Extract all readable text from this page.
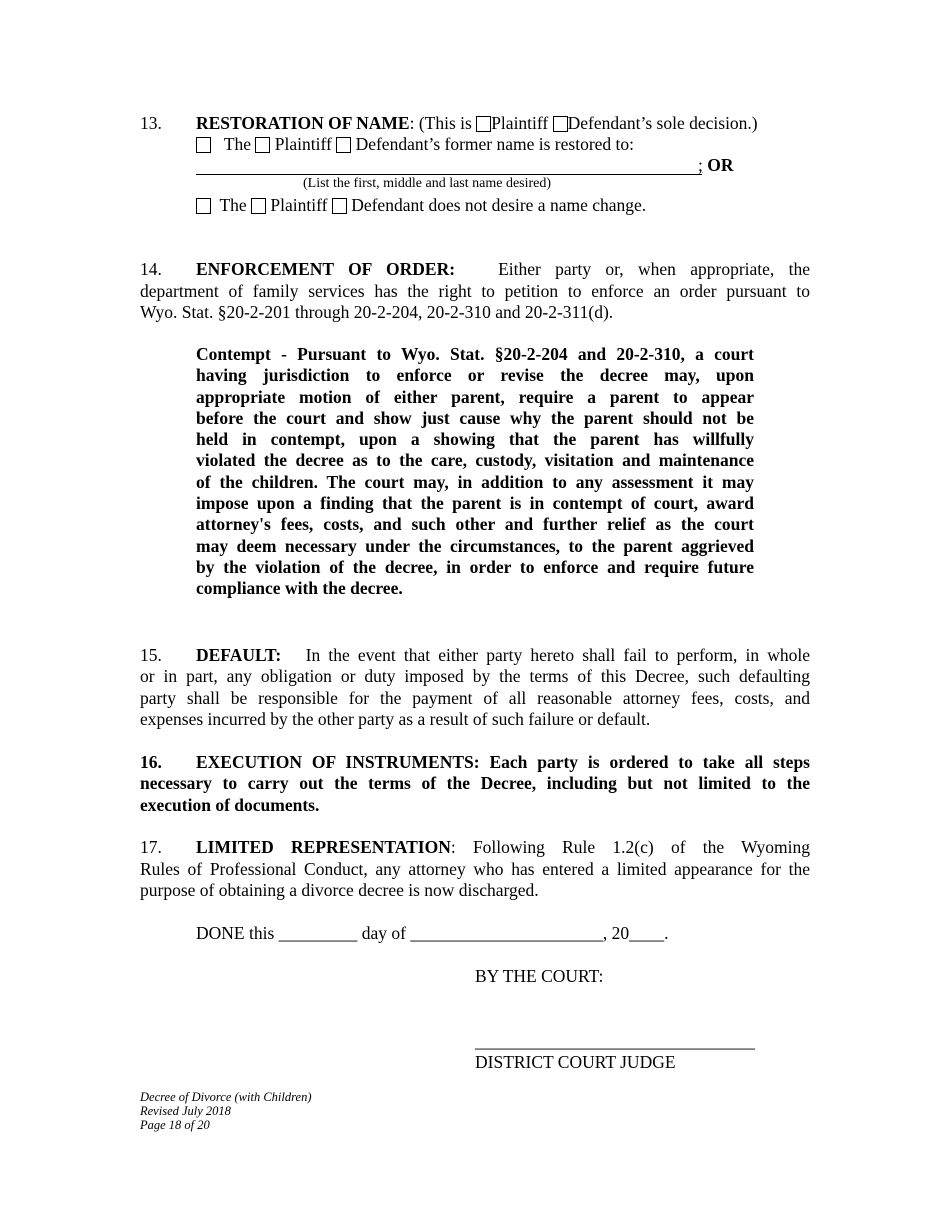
13. RESTORATION OF NAME: (This is Plaintiff Defendant’s sole decision.)
The Plaintiff Defendant’s former name is restored to:
; OR
(List the first, middle and last name desired)
The Plaintiff Defendant does not desire a name change.
14. ENFORCEMENT OF ORDER: Either party or, when appropriate, the
department of family services has the right to petition to enforce an order pursuant to
Wyo. Stat. §20-2-201 through 20-2-204, 20-2-310 and 20-2-311(d).
Contempt - Pursuant to Wyo. Stat. §20-2-204 and 20-2-310, a court
having jurisdiction to enforce or revise the decree may, upon
appropriate motion of either parent, require a parent to appear
before the court and show just cause why the parent should not be
held in contempt, upon a showing that the parent has willfully
violated the decree as to the care, custody, visitation and maintenance
of the children. The court may, in addition to any assessment it may
impose upon a finding that the parent is in contempt of court, award
attorney's fees, costs, and such other and further relief as the court
may deem necessary under the circumstances, to the parent aggrieved
by the violation of the decree, in order to enforce and require future
compliance with the decree.
15. DEFAULT: In the event that either party hereto shall fail to perform, in whole
or in part, any obligation or duty imposed by the terms of this Decree, such defaulting
party shall be responsible for the payment of all reasonable attorney fees, costs, and
expenses incurred by the other party as a result of such failure or default.
16. EXECUTION OF INSTRUMENTS: Each party is ordered to take all steps
necessary to carry out the terms of the Decree, including but not limited to the
execution of documents.
17. LIMITED REPRESENTATION: Following Rule 1.2(c) of the Wyoming
Rules of Professional Conduct, any attorney who has entered a limited appearance for the
purpose of obtaining a divorce decree is now discharged.
DONE this _________ day of ______________________, 20____.
BY THE COURT:
________________________________
DISTRICT COURT JUDGE
Decree of Divorce (with Children)
Revised July 2018
Page 18 of 20
